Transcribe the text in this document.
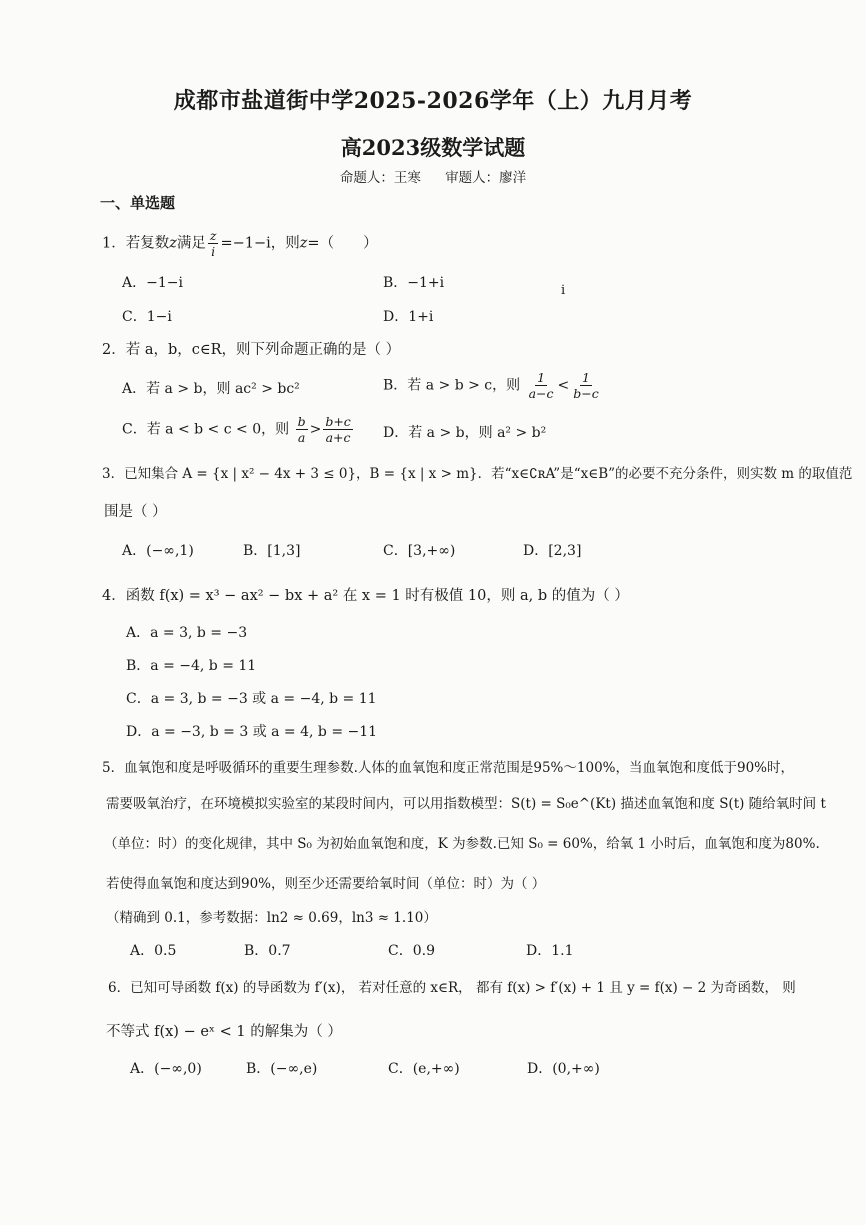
成都市盐道街中学2025-2026学年（上）九月月考
高2023级数学试题
命题人：王寒 审题人：廖洋
一、单选题
1．若复数z满足 $\frac{z}{i} =-1-i$，则z=（　　）
A．−1−i	B．−1+i
C．1−i	D．1+i
i
2．若 a，b，c∈R，则下列命题正确的是（ ）
A．若 a > b，则 ac² > bc²	B．若 a > b > c，则 $\frac{1}{a-c} < \frac{1}{b-c}$
C．若 a < b < c < 0，则 $\frac{b}{a} > \frac{b+c}{a+c}$ D．若 a > b，则 a² > b²
3．已知集合 A = {x | x² − 4x + 3 ≤ 0}，B = {x | x > m}．若“x∈∁ʀA”是“x∈B”的必要不充分条件，则实数 m 的取值范
围是（ ）
A．(−∞,1)	B．[1,3]	C．[3,+∞)	D．[2,3]
4．函数 f(x) = x³ − ax² − bx + a² 在 x = 1 时有极值 10，则 a, b 的值为（ ）
A．a = 3, b = −3
B．a = −4, b = 11
C．a = 3, b = −3 或 a = −4, b = 11
D．a = −3, b = 3 或 a = 4, b = −11
5．血氧饱和度是呼吸循环的重要生理参数.人体的血氧饱和度正常范围是95%～100%，当血氧饱和度低于90%时，
需要吸氧治疗，在环境模拟实验室的某段时间内，可以用指数模型：S(t) = S₀e^(Kt) 描述血氧饱和度 S(t) 随给氧时间 t
（单位：时）的变化规律，其中 S₀ 为初始血氧饱和度，K 为参数.已知 S₀ = 60%，给氧 1 小时后，血氧饱和度为80%.
若使得血氧饱和度达到90%，则至少还需要给氧时间（单位：时）为（ ）
（精确到 0.1，参考数据：ln2 ≈ 0.69，ln3 ≈ 1.10）
A．0.5	B．0.7	C．0.9	D．1.1
6．已知可导函数 f(x) 的导函数为 f′(x)， 若对任意的 x∈R， 都有 f(x) > f′(x) + 1 且 y = f(x) − 2 为奇函数， 则
不等式 f(x) − eˣ < 1 的解集为（ ）
A．(−∞,0)	B．(−∞,e)	C．(e,+∞)	D．(0,+∞)
